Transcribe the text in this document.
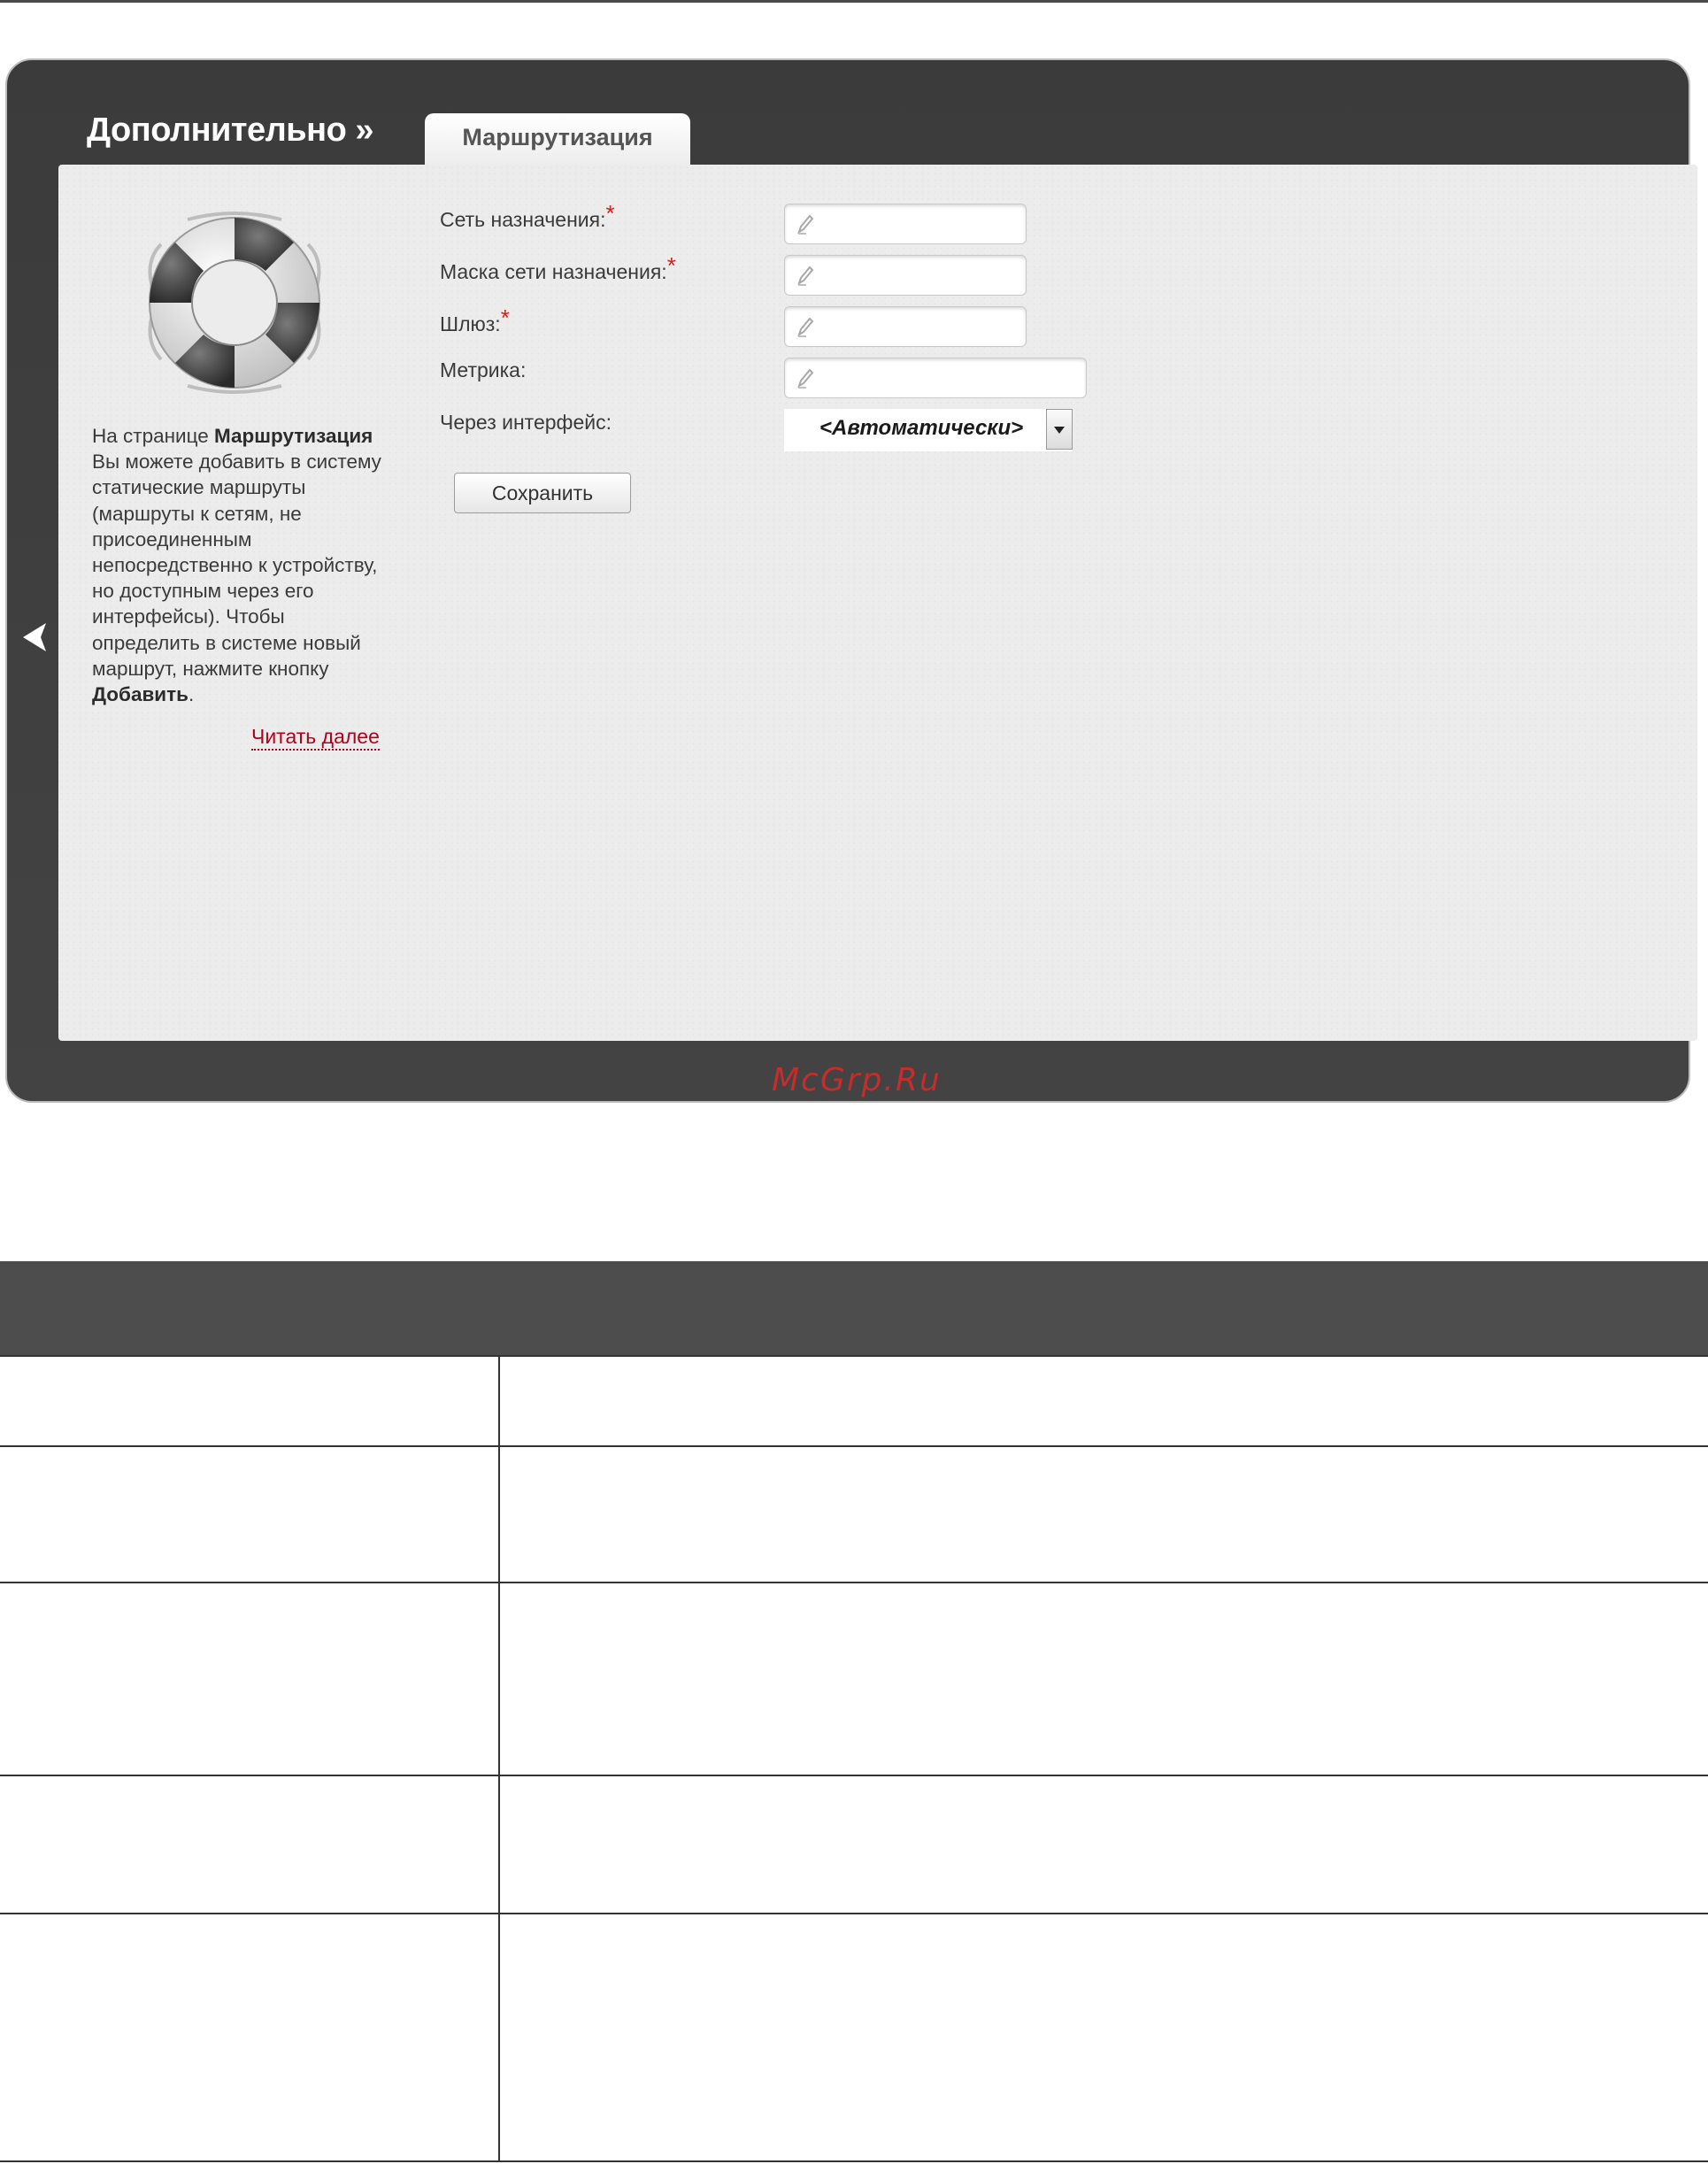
Дополнительно »	Маршрутизация
На странице Маршрутизация Вы можете добавить в систему статические маршруты (маршруты к сетям, не присоединенным непосредственно к устройству, но доступным через его интерфейсы). Чтобы определить в системе новый маршрут, нажмите кнопку Добавить.
Читать далее
Сеть назначения:*
Маска сети назначения:*
Шлюз:*
Метрика:
Через интерфейс:	<Автоматически>
Сохранить
McGrp.Ru
